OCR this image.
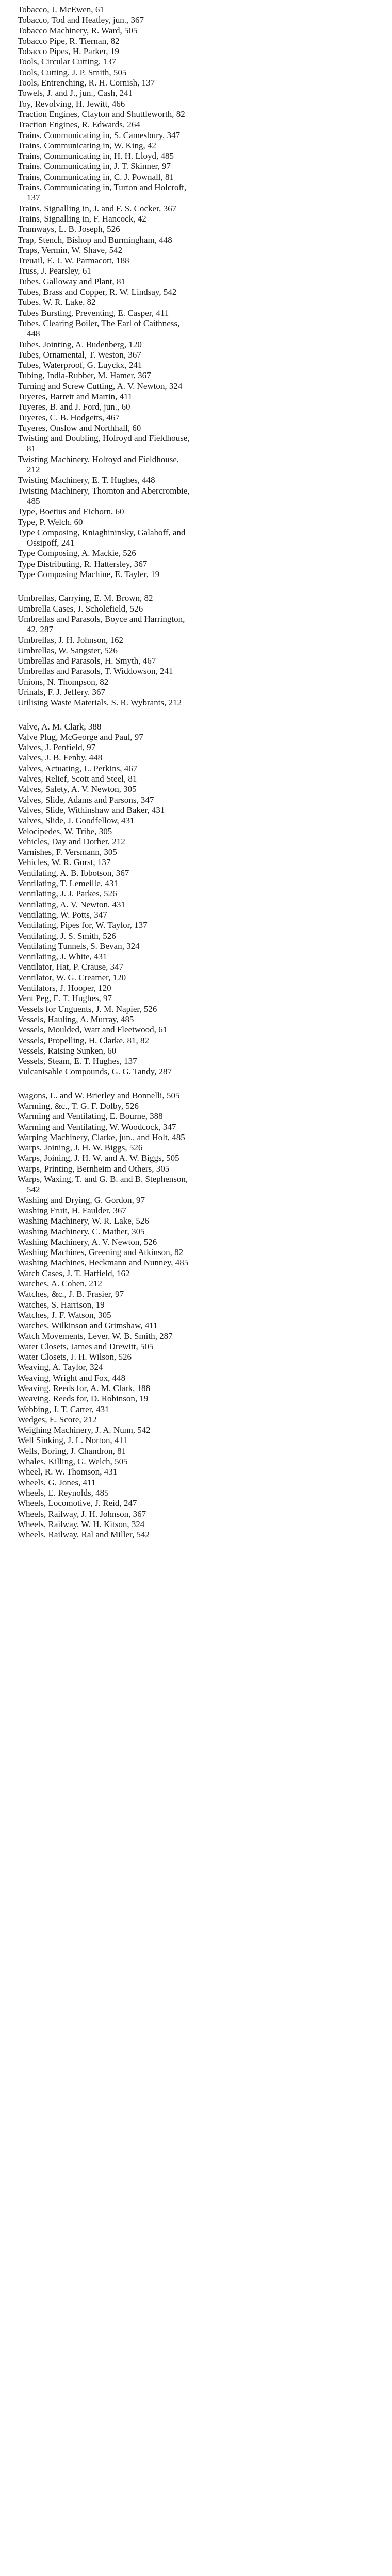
Tobacco, J. McEwen, 61

Tobacco, Tod and Heatley, jun., 367

Tobacco Machinery, R. Ward, 505

Tobacco Pipe, R. Tiernan, 82

Tobacco Pipes, H. Parker, 19

Tools, Circular Cutting, 137

Tools, Cutting, J. P. Smith, 505

Tools, Entrenching, R. H. Cornish, 137

Towels, J. and J., jun., Cash, 241

Toy, Revolving, H. Jewitt, 466

Traction Engines, Clayton and Shuttleworth, 82

Traction Engines, R. Edwards, 264

Trains, Communicating in, S. Camesbury, 347

Trains, Communicating in, W. King, 42

Trains, Communicating in, H. H. Lloyd, 485

Trains, Communicating in, J. T. Skinner, 97

Trains, Communicating in, C. J. Pownall, 81

Trains, Communicating in, Turton and Holcroft, 137

Trains, Signalling in, J. and F. S. Cocker, 367

Trains, Signalling in, F. Hancock, 42

Tramways, L. B. Joseph, 526

Trap, Stench, Bishop and Burmingham, 448

Traps, Vermin, W. Shave, 542

Treuail, E. J. W. Parmacott, 188

Truss, J. Pearsley, 61

Tubes, Galloway and Plant, 81

Tubes, Brass and Copper, R. W. Lindsay, 542

Tubes, W. R. Lake, 82

Tubes Bursting, Preventing, E. Casper, 411

Tubes, Clearing Boiler, The Earl of Caithness, 448

Tubes, Jointing, A. Budenberg, 120

Tubes, Ornamental, T. Weston, 367

Tubes, Waterproof, G. Luyckx, 241

Tubing, India-Rubber, M. Hamer, 367

Turning and Screw Cutting, A. V. Newton, 324

Tuyeres, Barrett and Martin, 411

Tuyeres, B. and J. Ford, jun., 60

Tuyeres, C. B. Hodgetts, 467

Tuyeres, Onslow and Northhall, 60

Twisting and Doubling, Holroyd and Fieldhouse, 81

Twisting Machinery, Holroyd and Fieldhouse, 212

Twisting Machinery, E. T. Hughes, 448

Twisting Machinery, Thornton and Abercrombie, 485

Type, Boetius and Eichorn, 60

Type, P. Welch, 60

Type Composing, Kniaghininsky, Galahoff, and Ossipoff, 241

Type Composing, A. Mackie, 526

Type Distributing, R. Hattersley, 367

Type Composing Machine, E. Tayler, 19

Umbrellas, Carrying, E. M. Brown, 82

Umbrella Cases, J. Scholefield, 526

Umbrellas and Parasols, Boyce and Harrington, 42, 287

Umbrellas, J. H. Johnson, 162

Umbrellas, W. Sangster, 526

Umbrellas and Parasols, H. Smyth, 467

Umbrellas and Parasols, T. Widdowson, 241

Unions, N. Thompson, 82

Urinals, F. J. Jeffery, 367

Utilising Waste Materials, S. R. Wybrants, 212

Valve, A. M. Clark, 388

Valve Plug, McGeorge and Paul, 97

Valves, J. Penfield, 97

Valves, J. B. Fenby, 448

Valves, Actuating, L. Perkins, 467

Valves, Relief, Scott and Steel, 81

Valves, Safety, A. V. Newton, 305

Valves, Slide, Adams and Parsons, 347

Valves, Slide, Withinshaw and Baker, 431

Valves, Slide, J. Goodfellow, 431

Velocipedes, W. Tribe, 305

Vehicles, Day and Dorber, 212

Varnishes, F. Versmann, 305

Vehicles, W. R. Gorst, 137

Ventilating, A. B. Ibbotson, 367

Ventilating, T. Lemeille, 431

Ventilating, J. J. Parkes, 526

Ventilating, A. V. Newton, 431

Ventilating, W. Potts, 347

Ventilating, Pipes for, W. Taylor, 137

Ventilating, J. S. Smith, 526

Ventilating Tunnels, S. Bevan, 324

Ventilating, J. White, 431

Ventilator, Hat, P. Crause, 347

Ventilator, W. G. Creamer, 120

Ventilators, J. Hooper, 120

Vent Peg, E. T. Hughes, 97

Vessels for Unguents, J. M. Napier, 526

Vessels, Hauling, A. Murray, 485

Vessels, Moulded, Watt and Fleetwood, 61

Vessels, Propelling, H. Clarke, 81, 82

Vessels, Raising Sunken, 60

Vessels, Steam, E. T. Hughes, 137

Vulcanisable Compounds, G. G. Tandy, 287

Wagons, L. and W. Brierley and Bonnelli, 505

Warming, &c., T. G. F. Dolby, 526

Warming and Ventilating, E. Bourne, 388

Warming and Ventilating, W. Woodcock, 347

Warping Machinery, Clarke, jun., and Holt, 485

Warps, Joining, J. H. W. Biggs, 526

Warps, Joining, J. H. W. and A. W. Biggs, 505

Warps, Printing, Bernheim and Others, 305

Warps, Waxing, T. and G. B. and B. Stephenson, 542

Washing and Drying, G. Gordon, 97

Washing Fruit, H. Faulder, 367

Washing Machinery, W. R. Lake, 526

Washing Machinery, C. Mather, 305

Washing Machinery, A. V. Newton, 526

Washing Machines, Greening and Atkinson, 82

Washing Machines, Heckmann and Nunney, 485

Watch Cases, J. T. Hatfield, 162

Watches, A. Cohen, 212

Watches, &c., J. B. Frasier, 97

Watches, S. Harrison, 19

Watches, J. F. Watson, 305

Watches, Wilkinson and Grimshaw, 411

Watch Movements, Lever, W. B. Smith, 287

Water Closets, James and Drewitt, 505

Water Closets, J. H. Wilson, 526

Weaving, A. Taylor, 324

Weaving, Wright and Fox, 448

Weaving, Reeds for, A. M. Clark, 188

Weaving, Reeds for, D. Robinson, 19

Webbing, J. T. Carter, 431

Wedges, E. Score, 212

Weighing Machinery, J. A. Nunn, 542

Well Sinking, J. L. Norton, 411

Wells, Boring, J. Chandron, 81

Whales, Killing, G. Welch, 505

Wheel, R. W. Thomson, 431

Wheels, G. Jones, 411

Wheels, E. Reynolds, 485

Wheels, Locomotive, J. Reid, 247

Wheels, Railway, J. H. Johnson, 367

Wheels, Railway, W. H. Kitson, 324

Wheels, Railway, Ral and Miller, 542
